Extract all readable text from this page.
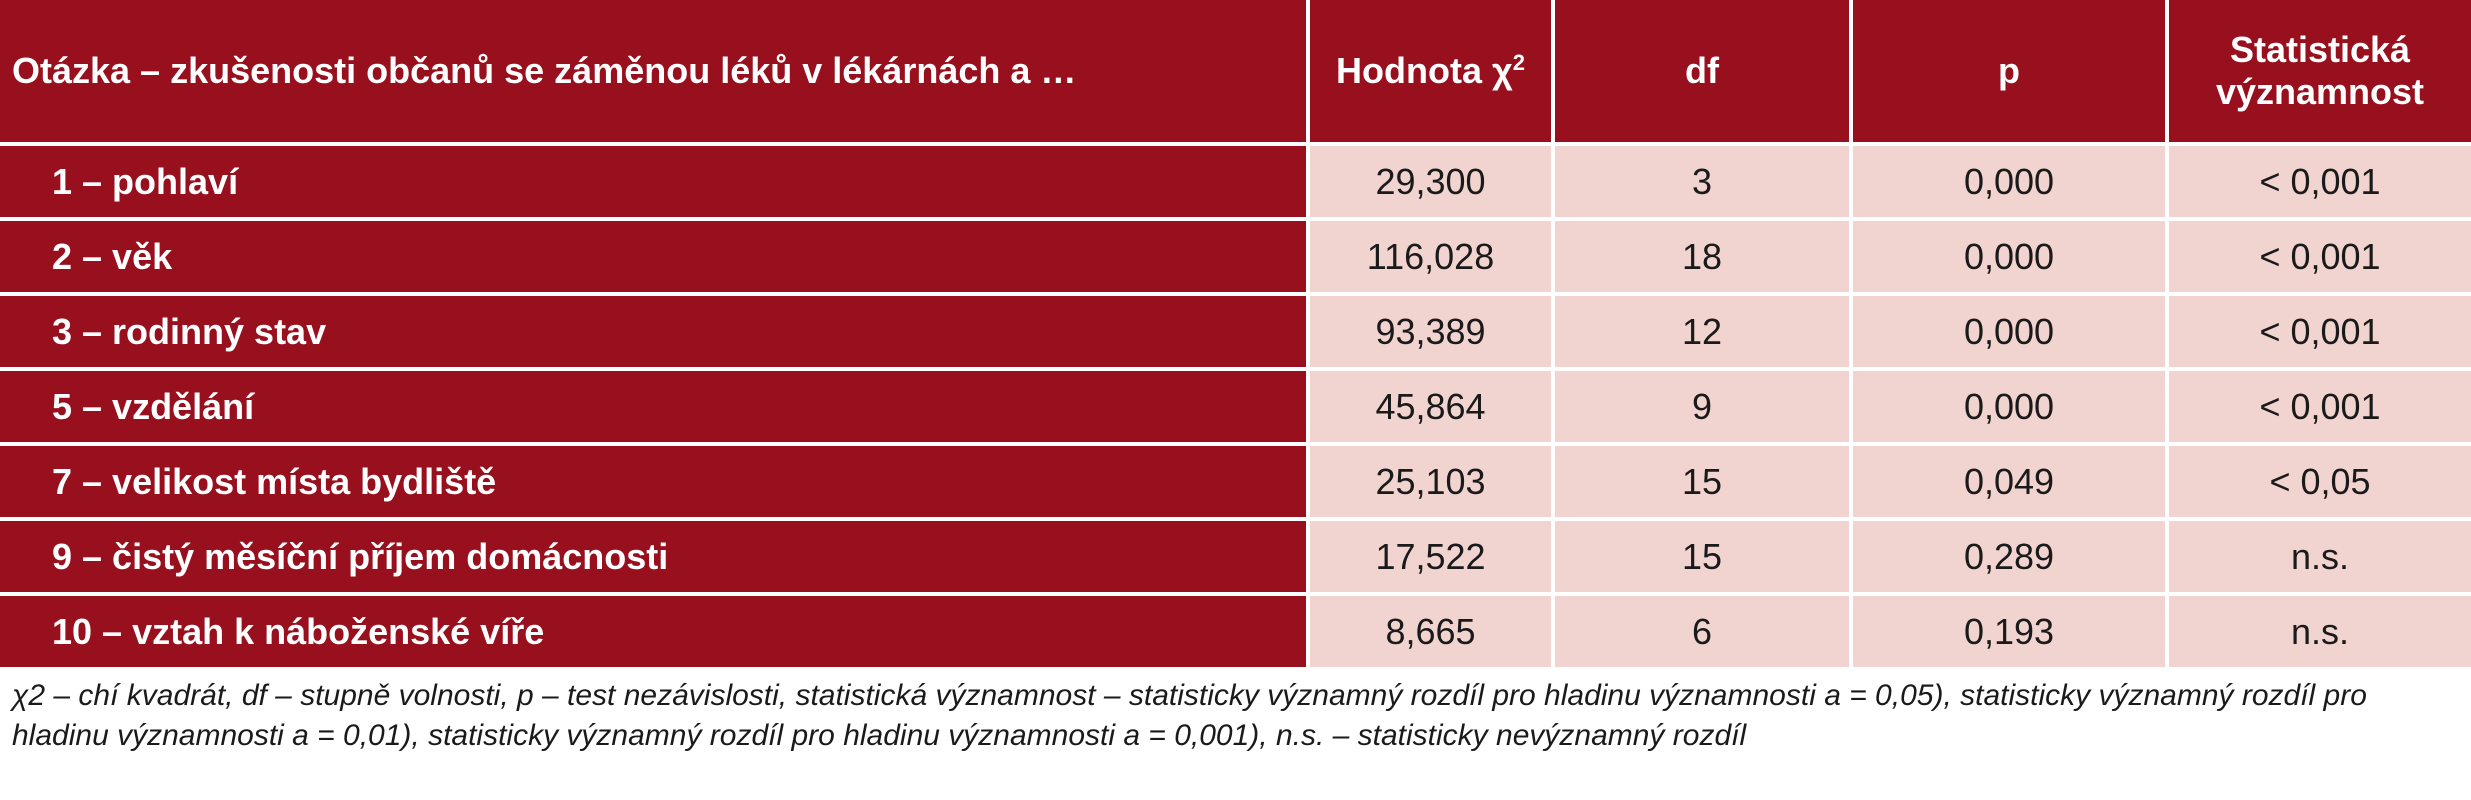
Otázka – zkušenosti občanů se záměnou léků v lékárnách a …	Hodnota $\chi^2$	df	p	Statistická významnost
1 – pohlaví	29,300	3	0,000	< 0,001
2 – věk	116,028	18	0,000	< 0,001
3 – rodinný stav	93,389	12	0,000	< 0,001
5 – vzdělání	45,864	9	0,000	< 0,001
7 – velikost místa bydliště	25,103	15	0,049	< 0,05
9 – čistý měsíční příjem domácnosti	17,522	15	0,289	n.s.
10 – vztah k náboženské víře	8,665	6	0,193	n.s.
χ2 – chí kvadrát, df – stupně volnosti, p – test nezávislosti, statistická významnost – statisticky významný rozdíl pro hladinu významnosti a = 0,05), statisticky významný rozdíl pro hladinu významnosti a = 0,01), statisticky významný rozdíl pro hladinu významnosti a = 0,001), n.s. – statisticky nevýznamný rozdíl
